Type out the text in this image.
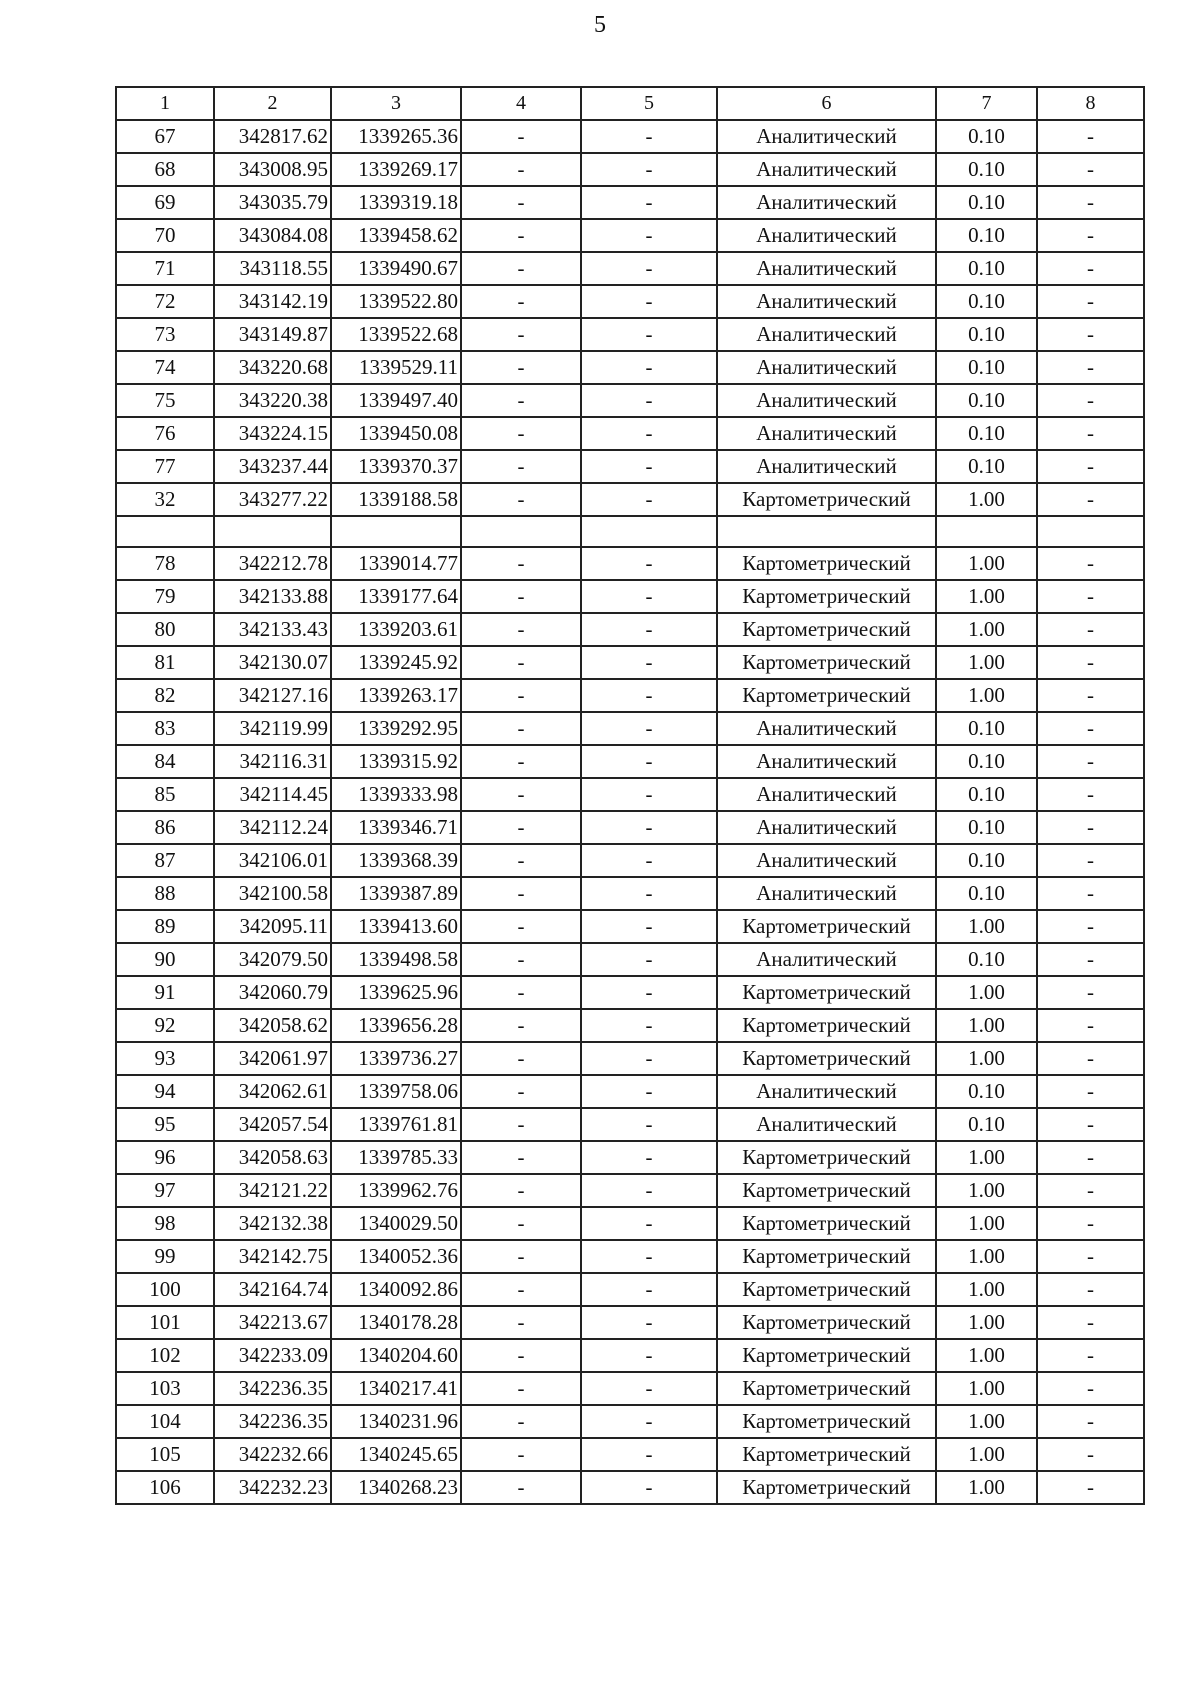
5
1	2	3	4	5	6	7	8
67	342817.62	1339265.36	-	-	Аналитический	0.10	-
68	343008.95	1339269.17	-	-	Аналитический	0.10	-
69	343035.79	1339319.18	-	-	Аналитический	0.10	-
70	343084.08	1339458.62	-	-	Аналитический	0.10	-
71	343118.55	1339490.67	-	-	Аналитический	0.10	-
72	343142.19	1339522.80	-	-	Аналитический	0.10	-
73	343149.87	1339522.68	-	-	Аналитический	0.10	-
74	343220.68	1339529.11	-	-	Аналитический	0.10	-
75	343220.38	1339497.40	-	-	Аналитический	0.10	-
76	343224.15	1339450.08	-	-	Аналитический	0.10	-
77	343237.44	1339370.37	-	-	Аналитический	0.10	-
32	343277.22	1339188.58	-	-	Картометрический	1.00	-

78	342212.78	1339014.77	-	-	Картометрический	1.00	-
79	342133.88	1339177.64	-	-	Картометрический	1.00	-
80	342133.43	1339203.61	-	-	Картометрический	1.00	-
81	342130.07	1339245.92	-	-	Картометрический	1.00	-
82	342127.16	1339263.17	-	-	Картометрический	1.00	-
83	342119.99	1339292.95	-	-	Аналитический	0.10	-
84	342116.31	1339315.92	-	-	Аналитический	0.10	-
85	342114.45	1339333.98	-	-	Аналитический	0.10	-
86	342112.24	1339346.71	-	-	Аналитический	0.10	-
87	342106.01	1339368.39	-	-	Аналитический	0.10	-
88	342100.58	1339387.89	-	-	Аналитический	0.10	-
89	342095.11	1339413.60	-	-	Картометрический	1.00	-
90	342079.50	1339498.58	-	-	Аналитический	0.10	-
91	342060.79	1339625.96	-	-	Картометрический	1.00	-
92	342058.62	1339656.28	-	-	Картометрический	1.00	-
93	342061.97	1339736.27	-	-	Картометрический	1.00	-
94	342062.61	1339758.06	-	-	Аналитический	0.10	-
95	342057.54	1339761.81	-	-	Аналитический	0.10	-
96	342058.63	1339785.33	-	-	Картометрический	1.00	-
97	342121.22	1339962.76	-	-	Картометрический	1.00	-
98	342132.38	1340029.50	-	-	Картометрический	1.00	-
99	342142.75	1340052.36	-	-	Картометрический	1.00	-
100	342164.74	1340092.86	-	-	Картометрический	1.00	-
101	342213.67	1340178.28	-	-	Картометрический	1.00	-
102	342233.09	1340204.60	-	-	Картометрический	1.00	-
103	342236.35	1340217.41	-	-	Картометрический	1.00	-
104	342236.35	1340231.96	-	-	Картометрический	1.00	-
105	342232.66	1340245.65	-	-	Картометрический	1.00	-
106	342232.23	1340268.23	-	-	Картометрический	1.00	-
